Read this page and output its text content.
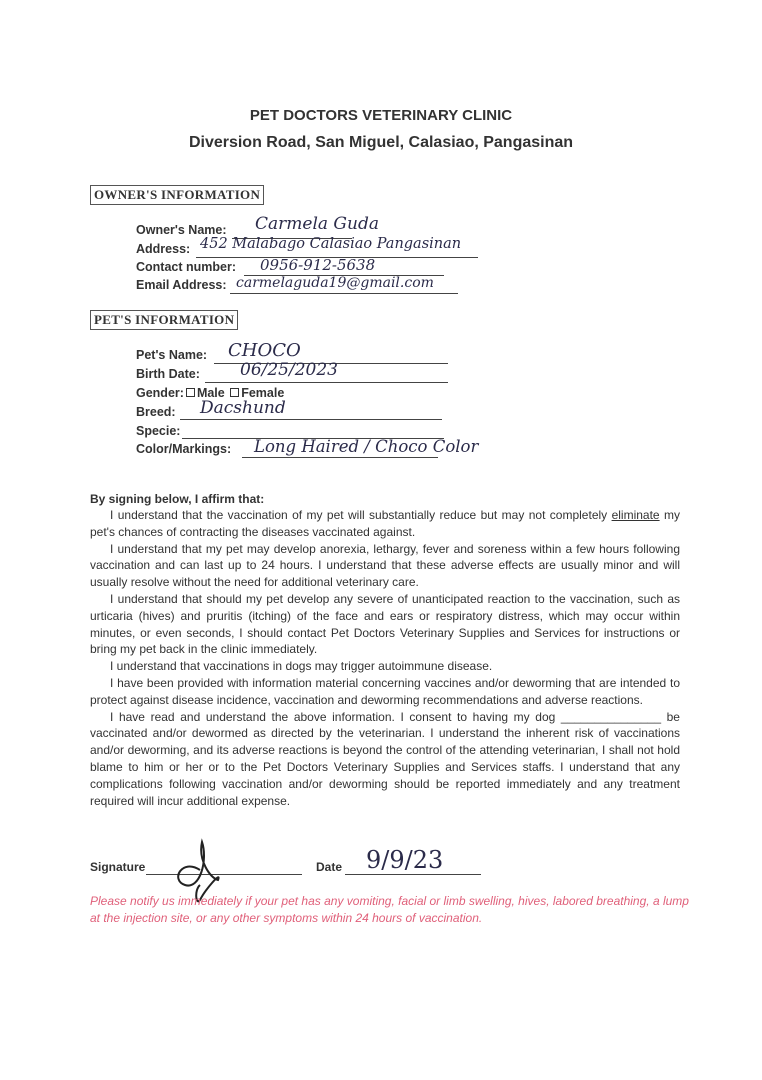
PET DOCTORS VETERINARY CLINIC
Diversion Road, San Miguel, Calasiao, Pangasinan
OWNER'S INFORMATION
Owner's Name: Carmela Guda
Address: 452 Malabago Calasiao Pangasinan
Contact number: 0956-912-5638
Email Address: carmelaguda19@gmail.com
PET'S INFORMATION
Pet's Name: CHOCO
Birth Date: 06/25/2023
Gender: Male Female
Breed: Dacshund
Specie:
Color/Markings: Long Haired / Choco Color
By signing below, I affirm that:

I understand that the vaccination of my pet will substantially reduce but may not completely eliminate my pet's chances of contracting the diseases vaccinated against.

I understand that my pet may develop anorexia, lethargy, fever and soreness within a few hours following vaccination and can last up to 24 hours. I understand that these adverse effects are usually minor and will usually resolve without the need for additional veterinary care.

I understand that should my pet develop any severe of unanticipated reaction to the vaccination, such as urticaria (hives) and pruritis (itching) of the face and ears or respiratory distress, which may occur within minutes, or even seconds, I should contact Pet Doctors Veterinary Supplies and Services for instructions or bring my pet back in the clinic immediately.

I understand that vaccinations in dogs may trigger autoimmune disease.

I have been provided with information material concerning vaccines and/or deworming that are intended to protect against disease incidence, vaccination and deworming recommendations and adverse reactions.

I have read and understand the above information. I consent to having my dog _______________ be vaccinated and/or dewormed as directed by the veterinarian. I understand the inherent risk of vaccinations and/or deworming, and its adverse reactions is beyond the control of the attending veterinarian, I shall not hold blame to him or her or to the Pet Doctors Veterinary Supplies and Services staffs. I understand that any complications following vaccination and/or deworming should be reported immediately and any treatment required will incur additional expense.

Signature	Date 9/9/23
Please notify us immediately if your pet has any vomiting, facial or limb swelling, hives, labored breathing, a lump at the injection site, or any other symptoms within 24 hours of vaccination.
